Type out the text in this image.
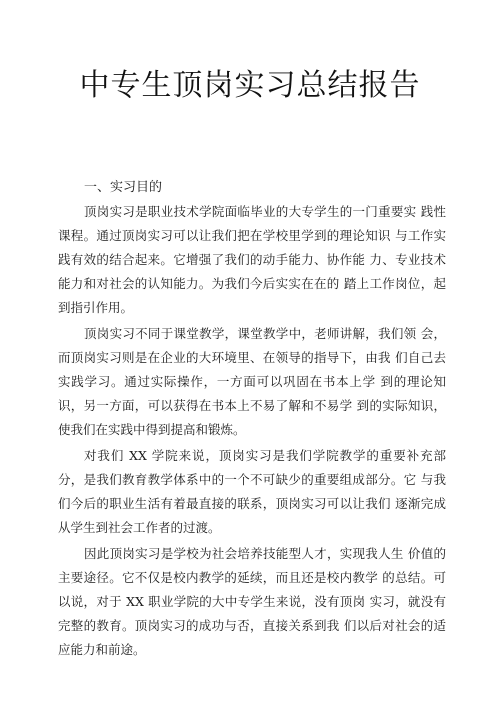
中专生顶岗实习总结报告

一、实习目的

顶岗实习是职业技术学院面临毕业的大专学生的一门重要实 践性课程。通过顶岗实习可以让我们把在学校里学到的理论知识 与工作实践有效的结合起来。它增强了我们的动手能力、协作能 力、专业技术能力和对社会的认知能力。为我们今后实实在在的 踏上工作岗位，起到指引作用。

顶岗实习不同于课堂教学，课堂教学中，老师讲解，我们领 会，而顶岗实习则是在企业的大环境里、在领导的指导下，由我 们自己去实践学习。通过实际操作，一方面可以巩固在书本上学 到的理论知识，另一方面，可以获得在书本上不易了解和不易学 到的实际知识，使我们在实践中得到提高和锻炼。

对我们 XX 学院来说，顶岗实习是我们学院教学的重要补充部分，是我们教育教学体系中的一个不可缺少的重要组成部分。它 与我们今后的职业生活有着最直接的联系，顶岗实习可以让我们 逐渐完成从学生到社会工作者的过渡。

因此顶岗实习是学校为社会培养技能型人才，实现我人生 价值的主要途径。它不仅是校内教学的延续，而且还是校内教学 的总结。可以说，对于 XX 职业学院的大中专学生来说，没有顶岗 实习，就没有完整的教育。顶岗实习的成功与否，直接关系到我 们以后对社会的适应能力和前途。
